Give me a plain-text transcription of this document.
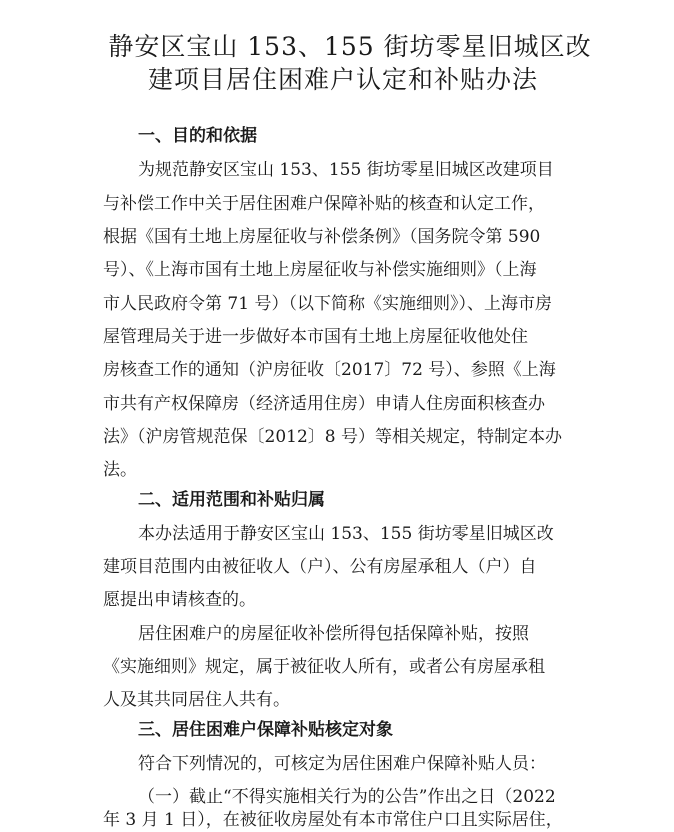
静安区宝山 153、155 街坊零星旧城区改
建项目居住困难户认定和补贴办法
一、目的和依据
为规范静安区宝山 153、155 街坊零星旧城区改建项目
与补偿工作中关于居住困难户保障补贴的核查和认定工作，
根据《国有土地上房屋征收与补偿条例》（国务院令第 590
号）、《上海市国有土地上房屋征收与补偿实施细则》（上海
市人民政府令第 71 号）（以下简称《实施细则》）、上海市房
屋管理局关于进一步做好本市国有土地上房屋征收他处住
房核查工作的通知（沪房征收〔2017〕72 号）、参照《上海
市共有产权保障房（经济适用住房）申请人住房面积核查办
法》（沪房管规范保〔2012〕8 号）等相关规定，特制定本办
法。
二、适用范围和补贴归属
本办法适用于静安区宝山 153、155 街坊零星旧城区改
建项目范围内由被征收人（户）、公有房屋承租人（户）自
愿提出申请核查的。
居住困难户的房屋征收补偿所得包括保障补贴，按照
《实施细则》规定，属于被征收人所有，或者公有房屋承租
人及其共同居住人共有。
三、居住困难户保障补贴核定对象
符合下列情况的，可核定为居住困难户保障补贴人员：
（一）截止“不得实施相关行为的公告”作出之日（2022
年 3 月 1 日），在被征收房屋处有本市常住户口且实际居住，
